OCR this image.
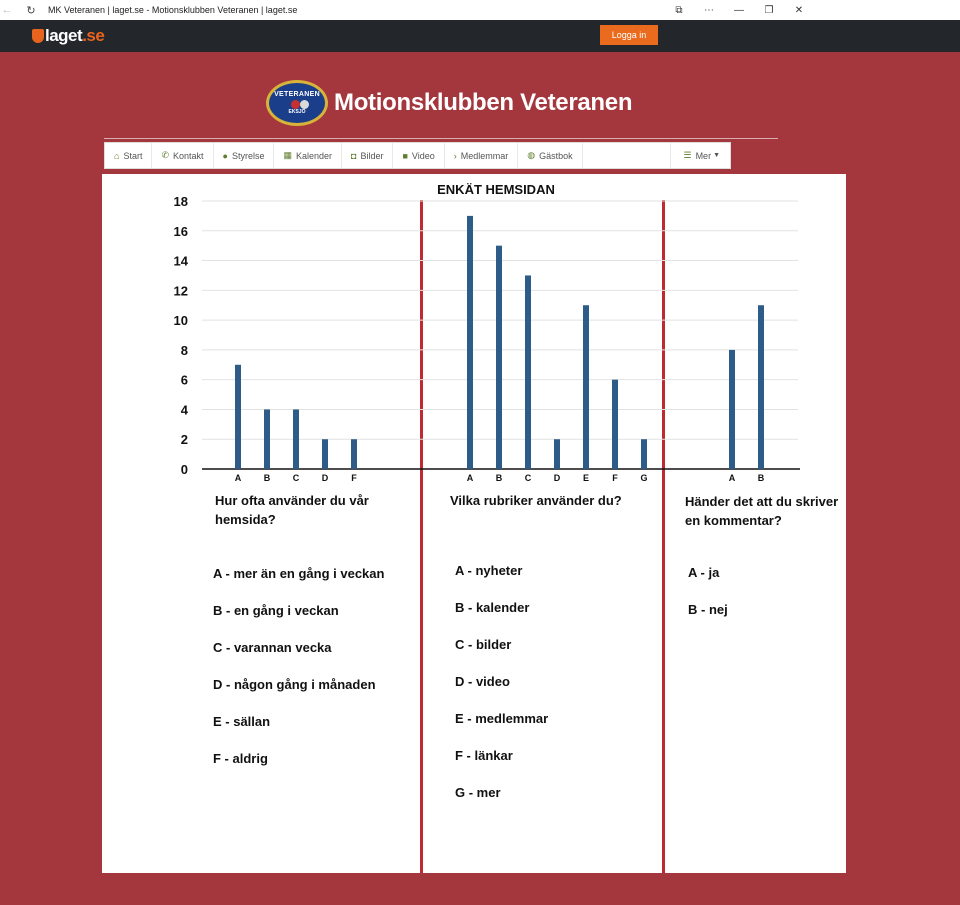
← ↻ MK Veteranen | laget.se - Motionsklubben Veteranen | laget.se	⧉	⋯	—	❐	✕
laget .se	Logga in
VETERANEN
EKSJÖ	Motionsklubben Veteranen
⌂ Start ✆ Kontakt ● Styrelse ▦ Kalender ◘ Bilder ■ Video › Medlemmar ◍ Gästbok	☰ Mer ▼
ENKÄT HEMSIDAN
0
2
4
6
8
10
12
14
16
18
A	B	C	D	F	A	B	C	D	E	F	G	A	B
Hur ofta använder du vår hemsida?
A - mer än en gång i veckan
B - en gång i veckan
C - varannan vecka
D - någon gång i månaden
E - sällan
F - aldrig
Vilka rubriker använder du?
A - nyheter
B - kalender
C - bilder
D - video
E - medlemmar
F - länkar
G - mer
Händer det att du skriver en kommentar?
A - ja
B - nej
